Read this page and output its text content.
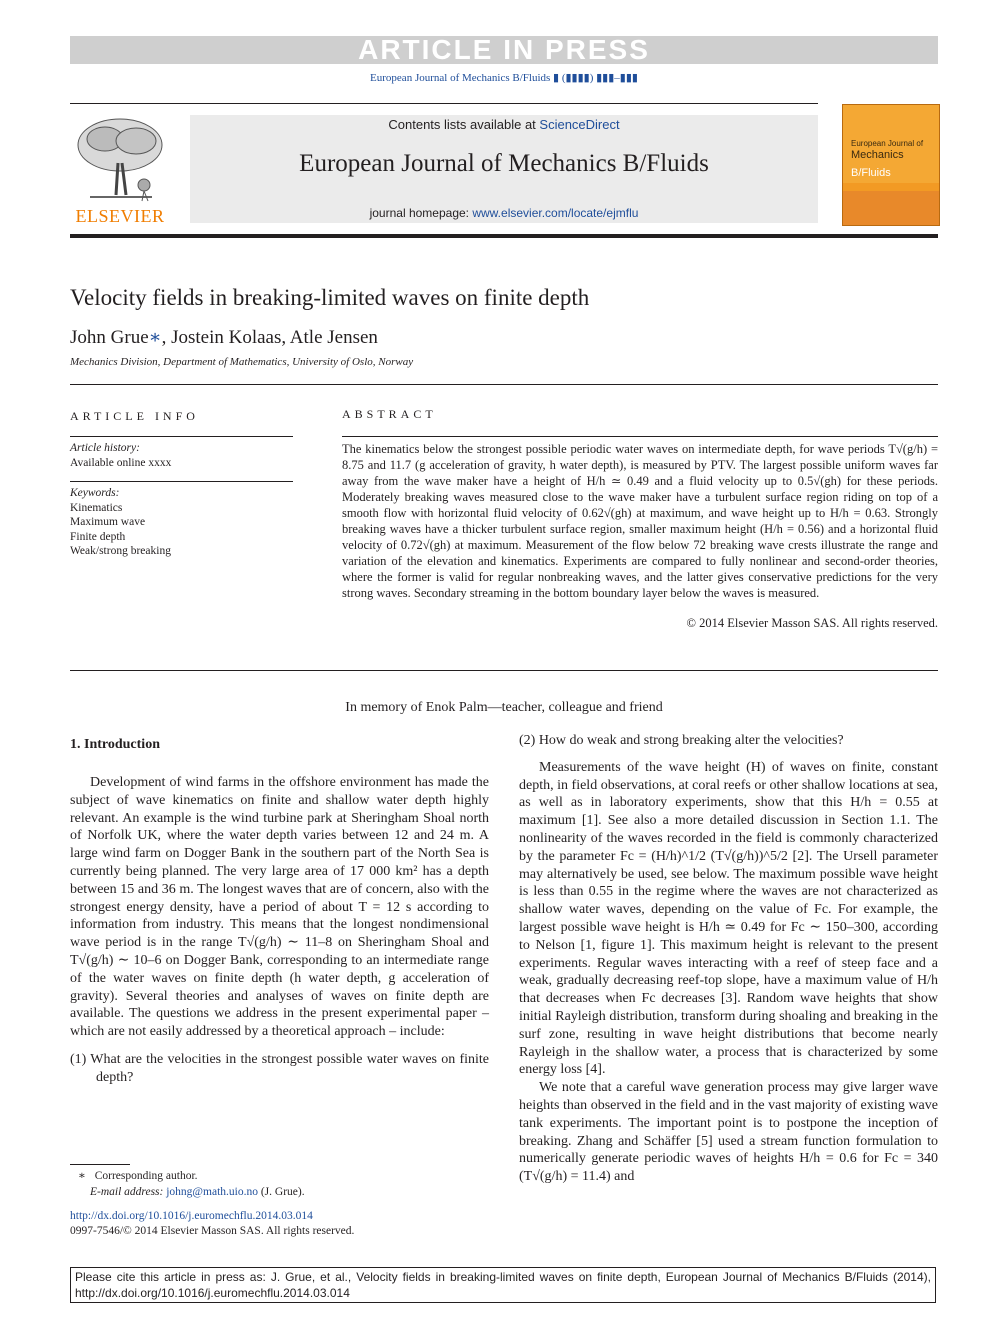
ARTICLE IN PRESS
European Journal of Mechanics B/Fluids ▮ (▮▮▮▮) ▮▮▮–▮▮▮
ELSEVIER
Contents lists available at ScienceDirect
European Journal of Mechanics B/Fluids
journal homepage: www.elsevier.com/locate/ejmflu
European Journal of
Mechanics
B/Fluids
Velocity fields in breaking-limited waves on finite depth
John Grue∗, Jostein Kolaas, Atle Jensen
Mechanics Division, Department of Mathematics, University of Oslo, Norway
ARTICLE INFO
Article history:
Available online xxxx
Keywords:
Kinematics
Maximum wave
Finite depth
Weak/strong breaking
ABSTRACT
The kinematics below the strongest possible periodic water waves on intermediate depth, for wave periods T√(g/h) = 8.75 and 11.7 (g acceleration of gravity, h water depth), is measured by PTV. The largest possible uniform waves far away from the wave maker have a height of H/h ≃ 0.49 and a fluid velocity up to 0.5√(gh) for these periods. Moderately breaking waves measured close to the wave maker have a turbulent surface region riding on top of a smooth flow with horizontal fluid velocity of 0.62√(gh) at maximum, and wave height up to H/h = 0.63. Strongly breaking waves have a thicker turbulent surface region, smaller maximum height (H/h = 0.56) and a horizontal fluid velocity of 0.72√(gh) at maximum. Measurement of the flow below 72 breaking wave crests illustrate the range and variation of the elevation and kinematics. Experiments are compared to fully nonlinear and second-order theories, where the former is valid for regular nonbreaking waves, and the latter gives conservative predictions for the very strong waves. Secondary streaming in the bottom boundary layer below the waves is measured.
© 2014 Elsevier Masson SAS. All rights reserved.
In memory of Enok Palm—teacher, colleague and friend
1. Introduction

Development of wind farms in the offshore environment has made the subject of wave kinematics on finite and shallow water depth highly relevant. An example is the wind turbine park at Sheringham Shoal north of Norfolk UK, where the water depth varies between 12 and 24 m. A large wind farm on Dogger Bank in the southern part of the North Sea is currently being planned. The very large area of 17 000 km² has a depth between 15 and 36 m. The longest waves that are of concern, also with the strongest energy density, have a period of about T = 12 s according to information from industry. This means that the longest nondimensional wave period is in the range T√(g/h) ∼ 11–8 on Sheringham Shoal and T√(g/h) ∼ 10–6 on Dogger Bank, corresponding to an intermediate range of the water waves on finite depth (h water depth, g acceleration of gravity). Several theories and analyses of waves on finite depth are available. The questions we address in the present experimental paper – which are not easily addressed by a theoretical approach – include:

(1) What are the velocities in the strongest possible water waves on finite depth?

∗ Corresponding author.
E-mail address: johng@math.uio.no (J. Grue).
http://dx.doi.org/10.1016/j.euromechflu.2014.03.014
0997-7546/© 2014 Elsevier Masson SAS. All rights reserved.

(2) How do weak and strong breaking alter the velocities?

Measurements of the wave height (H) of waves on finite, constant depth, in field observations, at coral reefs or other shallow locations at sea, as well as in laboratory experiments, show that this H/h = 0.55 at maximum [1]. See also a more detailed discussion in Section 1.1. The nonlinearity of the waves recorded in the field is commonly characterized by the parameter Fc = (H/h)^1/2 (T√(g/h))^5/2 [2]. The Ursell parameter may alternatively be used, see below. The maximum possible wave height is less than 0.55 in the regime where the waves are not characterized as shallow water waves, depending on the value of Fc. For example, the largest possible wave height is H/h ≃ 0.49 for Fc ∼ 150–300, according to Nelson [1, figure 1]. This maximum height is relevant to the present experiments. Regular waves interacting with a reef of steep face and a weak, gradually decreasing reef-top slope, have a maximum value of H/h that decreases when Fc decreases [3]. Random wave heights that show initial Rayleigh distribution, transform during shoaling and breaking in the surf zone, resulting in wave height distributions that become nearly Rayleigh in the shallow water, a process that is characterized by some energy loss [4].

We note that a careful wave generation process may give larger wave heights than observed in the field and in the vast majority of existing wave tank experiments. The important point is to postpone the inception of breaking. Zhang and Schäffer [5] used a stream function formulation to numerically generate periodic waves of heights H/h = 0.6 for Fc = 340 (T√(g/h) = 11.4) and

Please cite this article in press as: J. Grue, et al., Velocity fields in breaking-limited waves on finite depth, European Journal of Mechanics B/Fluids (2014), http://dx.doi.org/10.1016/j.euromechflu.2014.03.014
